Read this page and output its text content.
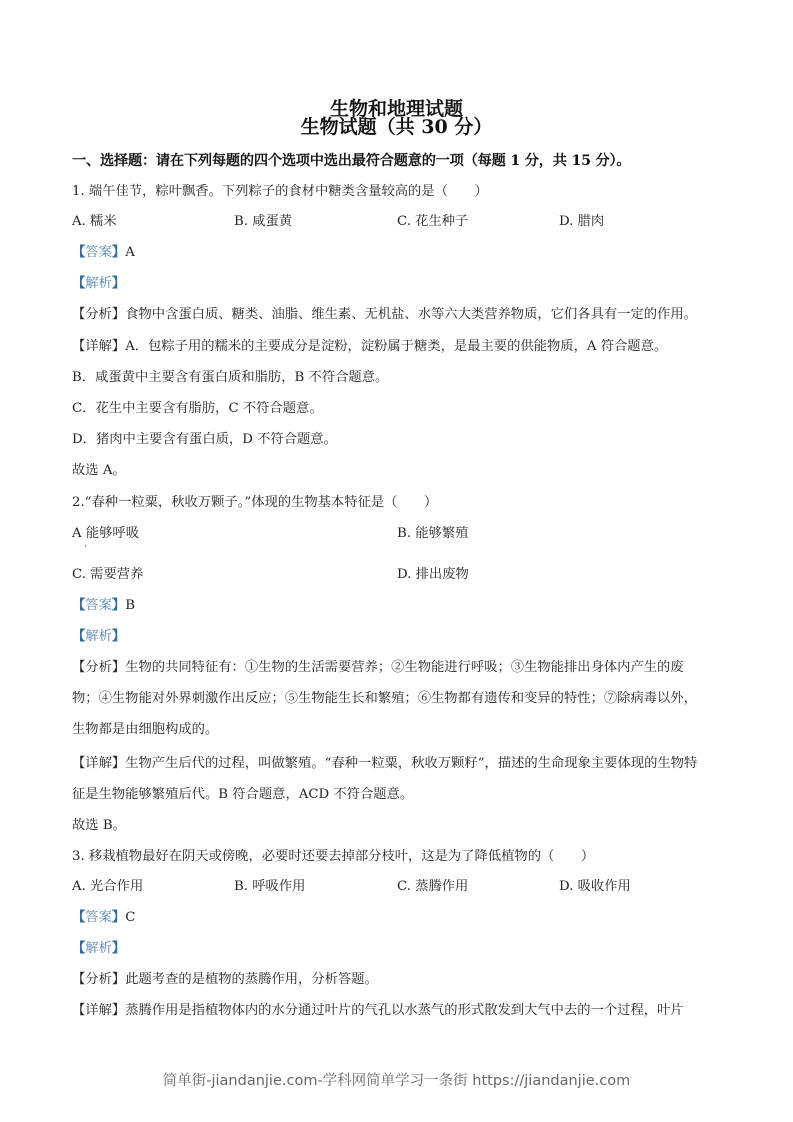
生物和地理试题
生物试题（共 30 分）
一、选择题：请在下列每题的四个选项中选出最符合题意的一项（每题 1 分，共 15 分）。
1. 端午佳节，粽叶飘香。下列粽子的食材中糖类含量较高的是（　　）
A. 糯米	B. 咸蛋黄	C. 花生种子	D. 腊肉
【答案】A
【解析】
【分析】食物中含蛋白质、糖类、油脂、维生素、无机盐、水等六大类营养物质，它们各具有一定的作用。
【详解】A．包粽子用的糯米的主要成分是淀粉，淀粉属于糖类，是最主要的供能物质，A 符合题意。
B．咸蛋黄中主要含有蛋白质和脂肪，B 不符合题意。
C．花生中主要含有脂肪，C 不符合题意。
D．猪肉中主要含有蛋白质，D 不符合题意。
故选 A。
2.“春种一粒粟，秋收万颗子。”体现的生物基本特征是（　　）
A 能够呼吸	B. 能够繁殖
C. 需要营养	D. 排出废物
【答案】B
【解析】
【分析】生物的共同特征有：①生物的生活需要营养；②生物能进行呼吸；③生物能排出身体内产生的废
物；④生物能对外界刺激作出反应；⑤生物能生长和繁殖；⑥生物都有遗传和变异的特性；⑦除病毒以外，
生物都是由细胞构成的。
【详解】生物产生后代的过程，叫做繁殖。“春种一粒粟，秋收万颗籽”，描述的生命现象主要体现的生物特
征是生物能够繁殖后代。B 符合题意，ACD 不符合题意。
故选 B。
3. 移栽植物最好在阴天或傍晚，必要时还要去掉部分枝叶，这是为了降低植物的（　　）
A. 光合作用	B. 呼吸作用	C. 蒸腾作用	D. 吸收作用
【答案】C
【解析】
【分析】此题考查的是植物的蒸腾作用，分析答题。
【详解】蒸腾作用是指植物体内的水分通过叶片的气孔以水蒸气的形式散发到大气中去的一个过程，叶片
简单街-jiandanjie.com-学科网简单学习一条街 https://jiandanjie.com
